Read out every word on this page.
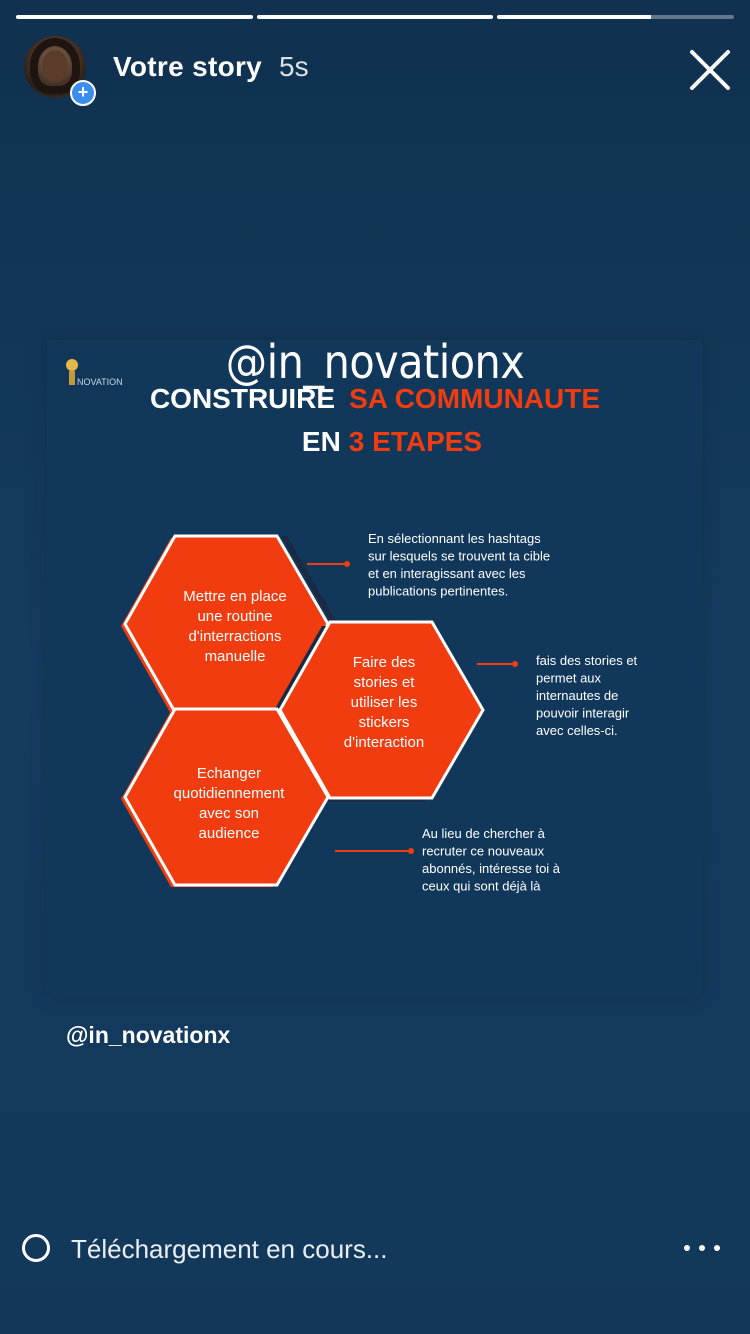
+
Votre story 5s
NOVATION
CONSTRUIRE SA COMMUNAUTE
EN 3 ETAPES
Mettre en place une routine d'interractions manuelle	Faire des stories et utiliser les stickers d'interaction
Echanger quotidiennement avec son audience
En sélectionnant les hashtags sur lesquels se trouvent ta cible et en interagissant avec les publications pertinentes.
fais des stories et permet aux internautes de pouvoir interagir avec celles-ci.
Au lieu de chercher à recruter ce nouveaux abonnés, intéresse toi à ceux qui sont déjà là
@in_novationx
@in_novationx
Téléchargement en cours...
